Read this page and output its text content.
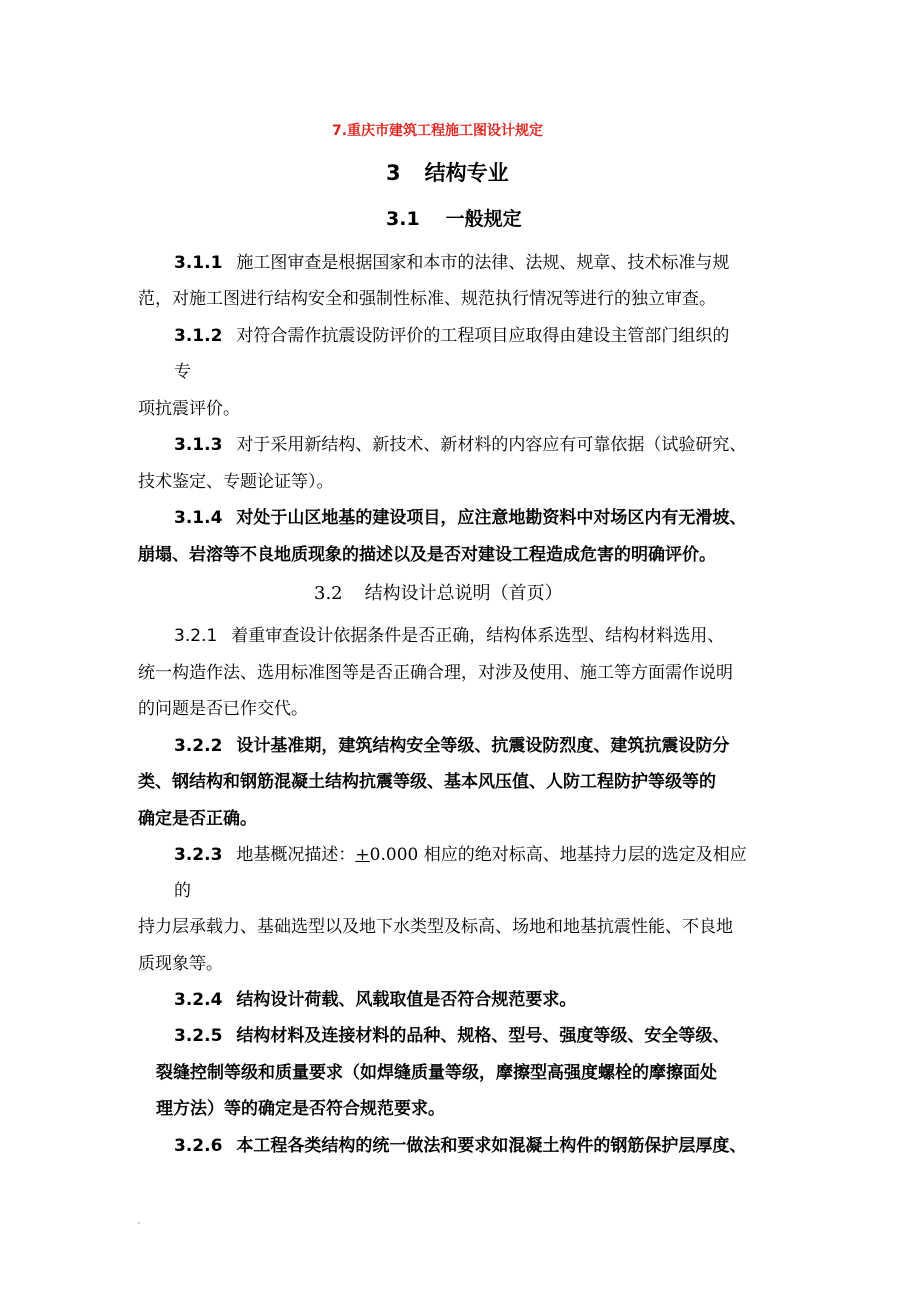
7.重庆市建筑工程施工图设计规定
3 结构专业
3.1 一般规定
3.1.1 施工图审查是根据国家和本市的法律、法规、规章、技术标准与规
范，对施工图进行结构安全和强制性标准、规范执行情况等进行的独立审查。
3.1.2 对符合需作抗震设防评价的工程项目应取得由建设主管部门组织的
专
项抗震评价。
3.1.3 对于采用新结构、新技术、新材料的内容应有可靠依据（试验研究、
技术鉴定、专题论证等）。
3.1.4 对处于山区地基的建设项目，应注意地勘资料中对场区内有无滑坡、
崩塌、岩溶等不良地质现象的描述以及是否对建设工程造成危害的明确评价。
3.2 结构设计总说明（首页）
3.2.1 着重审查设计依据条件是否正确，结构体系选型、结构材料选用、
统一构造作法、选用标准图等是否正确合理，对涉及使用、施工等方面需作说明
的问题是否已作交代。
3.2.2 设计基准期，建筑结构安全等级、抗震设防烈度、建筑抗震设防分
类、钢结构和钢筋混凝土结构抗震等级、基本风压值、人防工程防护等级等的
确定是否正确。
3.2.3 地基概况描述：+0.000 相应的绝对标高、地基持力层的选定及相应
的
持力层承载力、基础选型以及地下水类型及标高、场地和地基抗震性能、不良地
质现象等。
3.2.4 结构设计荷载、风载取值是否符合规范要求。
3.2.5 结构材料及连接材料的品种、规格、型号、强度等级、安全等级、
裂缝控制等级和质量要求（如焊缝质量等级，摩擦型高强度螺栓的摩擦面处
理方法）等的确定是否符合规范要求。
3.2.6 本工程各类结构的统一做法和要求如混凝土构件的钢筋保护层厚度、
